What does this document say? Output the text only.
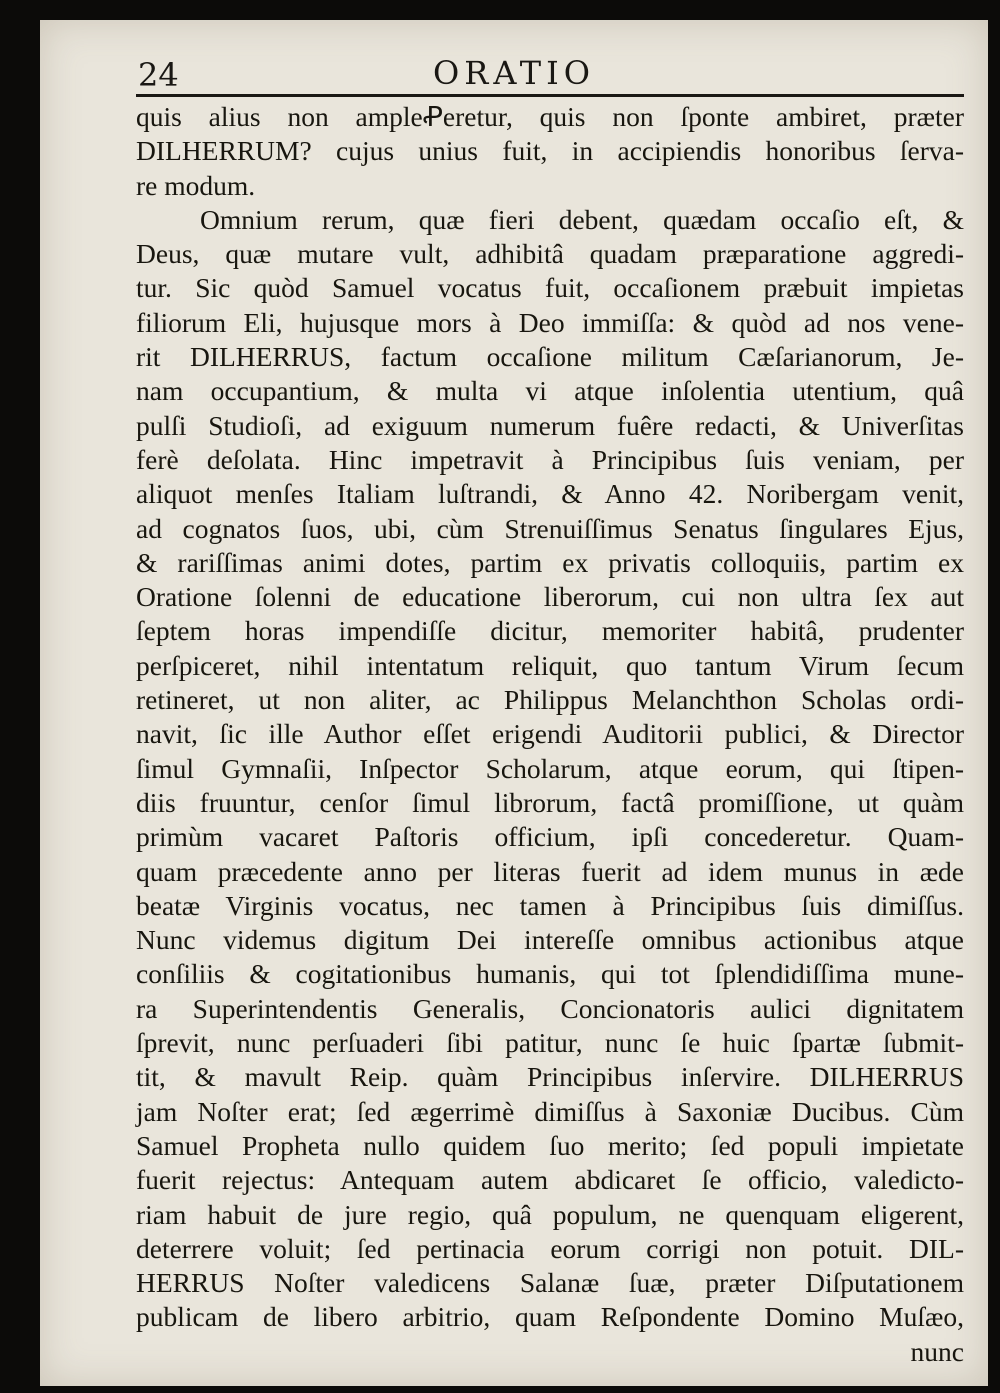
24	ORATIO
quis alius non ampleꝒeretur, quis non ſponte ambiret, præter
DILHERRUM? cujus unius fuit, in accipiendis honoribus ſerva-
re modum.
Omnium rerum, quæ fieri debent, quædam occaſio eſt, &
Deus, quæ mutare vult, adhibitâ quadam præparatione aggredi-
tur. Sic quòd Samuel vocatus fuit, occaſionem præbuit impietas
filiorum Eli, hujusque mors à Deo immiſſa: & quòd ad nos vene-
rit DILHERRUS, factum occaſione militum Cæſarianorum, Je-
nam occupantium, & multa vi atque inſolentia utentium, quâ
pulſi Studioſi, ad exiguum numerum fuêre redacti, & Univerſitas
ferè deſolata. Hinc impetravit à Principibus ſuis veniam, per
aliquot menſes Italiam luſtrandi, & Anno 42. Noribergam venit,
ad cognatos ſuos, ubi, cùm Strenuiſſimus Senatus ſingulares Ejus,
& rariſſimas animi dotes, partim ex privatis colloquiis, partim ex
Oratione ſolenni de educatione liberorum, cui non ultra ſex aut
ſeptem horas impendiſſe dicitur, memoriter habitâ, prudenter
perſpiceret, nihil intentatum reliquit, quo tantum Virum ſecum
retineret, ut non aliter, ac Philippus Melanchthon Scholas ordi-
navit, ſic ille Author eſſet erigendi Auditorii publici, & Director
ſimul Gymnaſii, Inſpector Scholarum, atque eorum, qui ſtipen-
diis fruuntur, cenſor ſimul librorum, factâ promiſſione, ut quàm
primùm vacaret Paſtoris officium, ipſi concederetur. Quam-
quam præcedente anno per literas fuerit ad idem munus in æde
beatæ Virginis vocatus, nec tamen à Principibus ſuis dimiſſus.
Nunc videmus digitum Dei intereſſe omnibus actionibus atque
conſiliis & cogitationibus humanis, qui tot ſplendidiſſima mune-
ra Superintendentis Generalis, Concionatoris aulici dignitatem
ſprevit, nunc perſuaderi ſibi patitur, nunc ſe huic ſpartæ ſubmit-
tit, & mavult Reip. quàm Principibus inſervire. DILHERRUS
jam Noſter erat; ſed ægerrimè dimiſſus à Saxoniæ Ducibus. Cùm
Samuel Propheta nullo quidem ſuo merito; ſed populi impietate
fuerit rejectus: Antequam autem abdicaret ſe officio, valedicto-
riam habuit de jure regio, quâ populum, ne quenquam eligerent,
deterrere voluit; ſed pertinacia eorum corrigi non potuit. DIL-
HERRUS Noſter valedicens Salanæ ſuæ, præter Diſputationem
publicam de libero arbitrio, quam Reſpondente Domino Muſæo,
nunc
